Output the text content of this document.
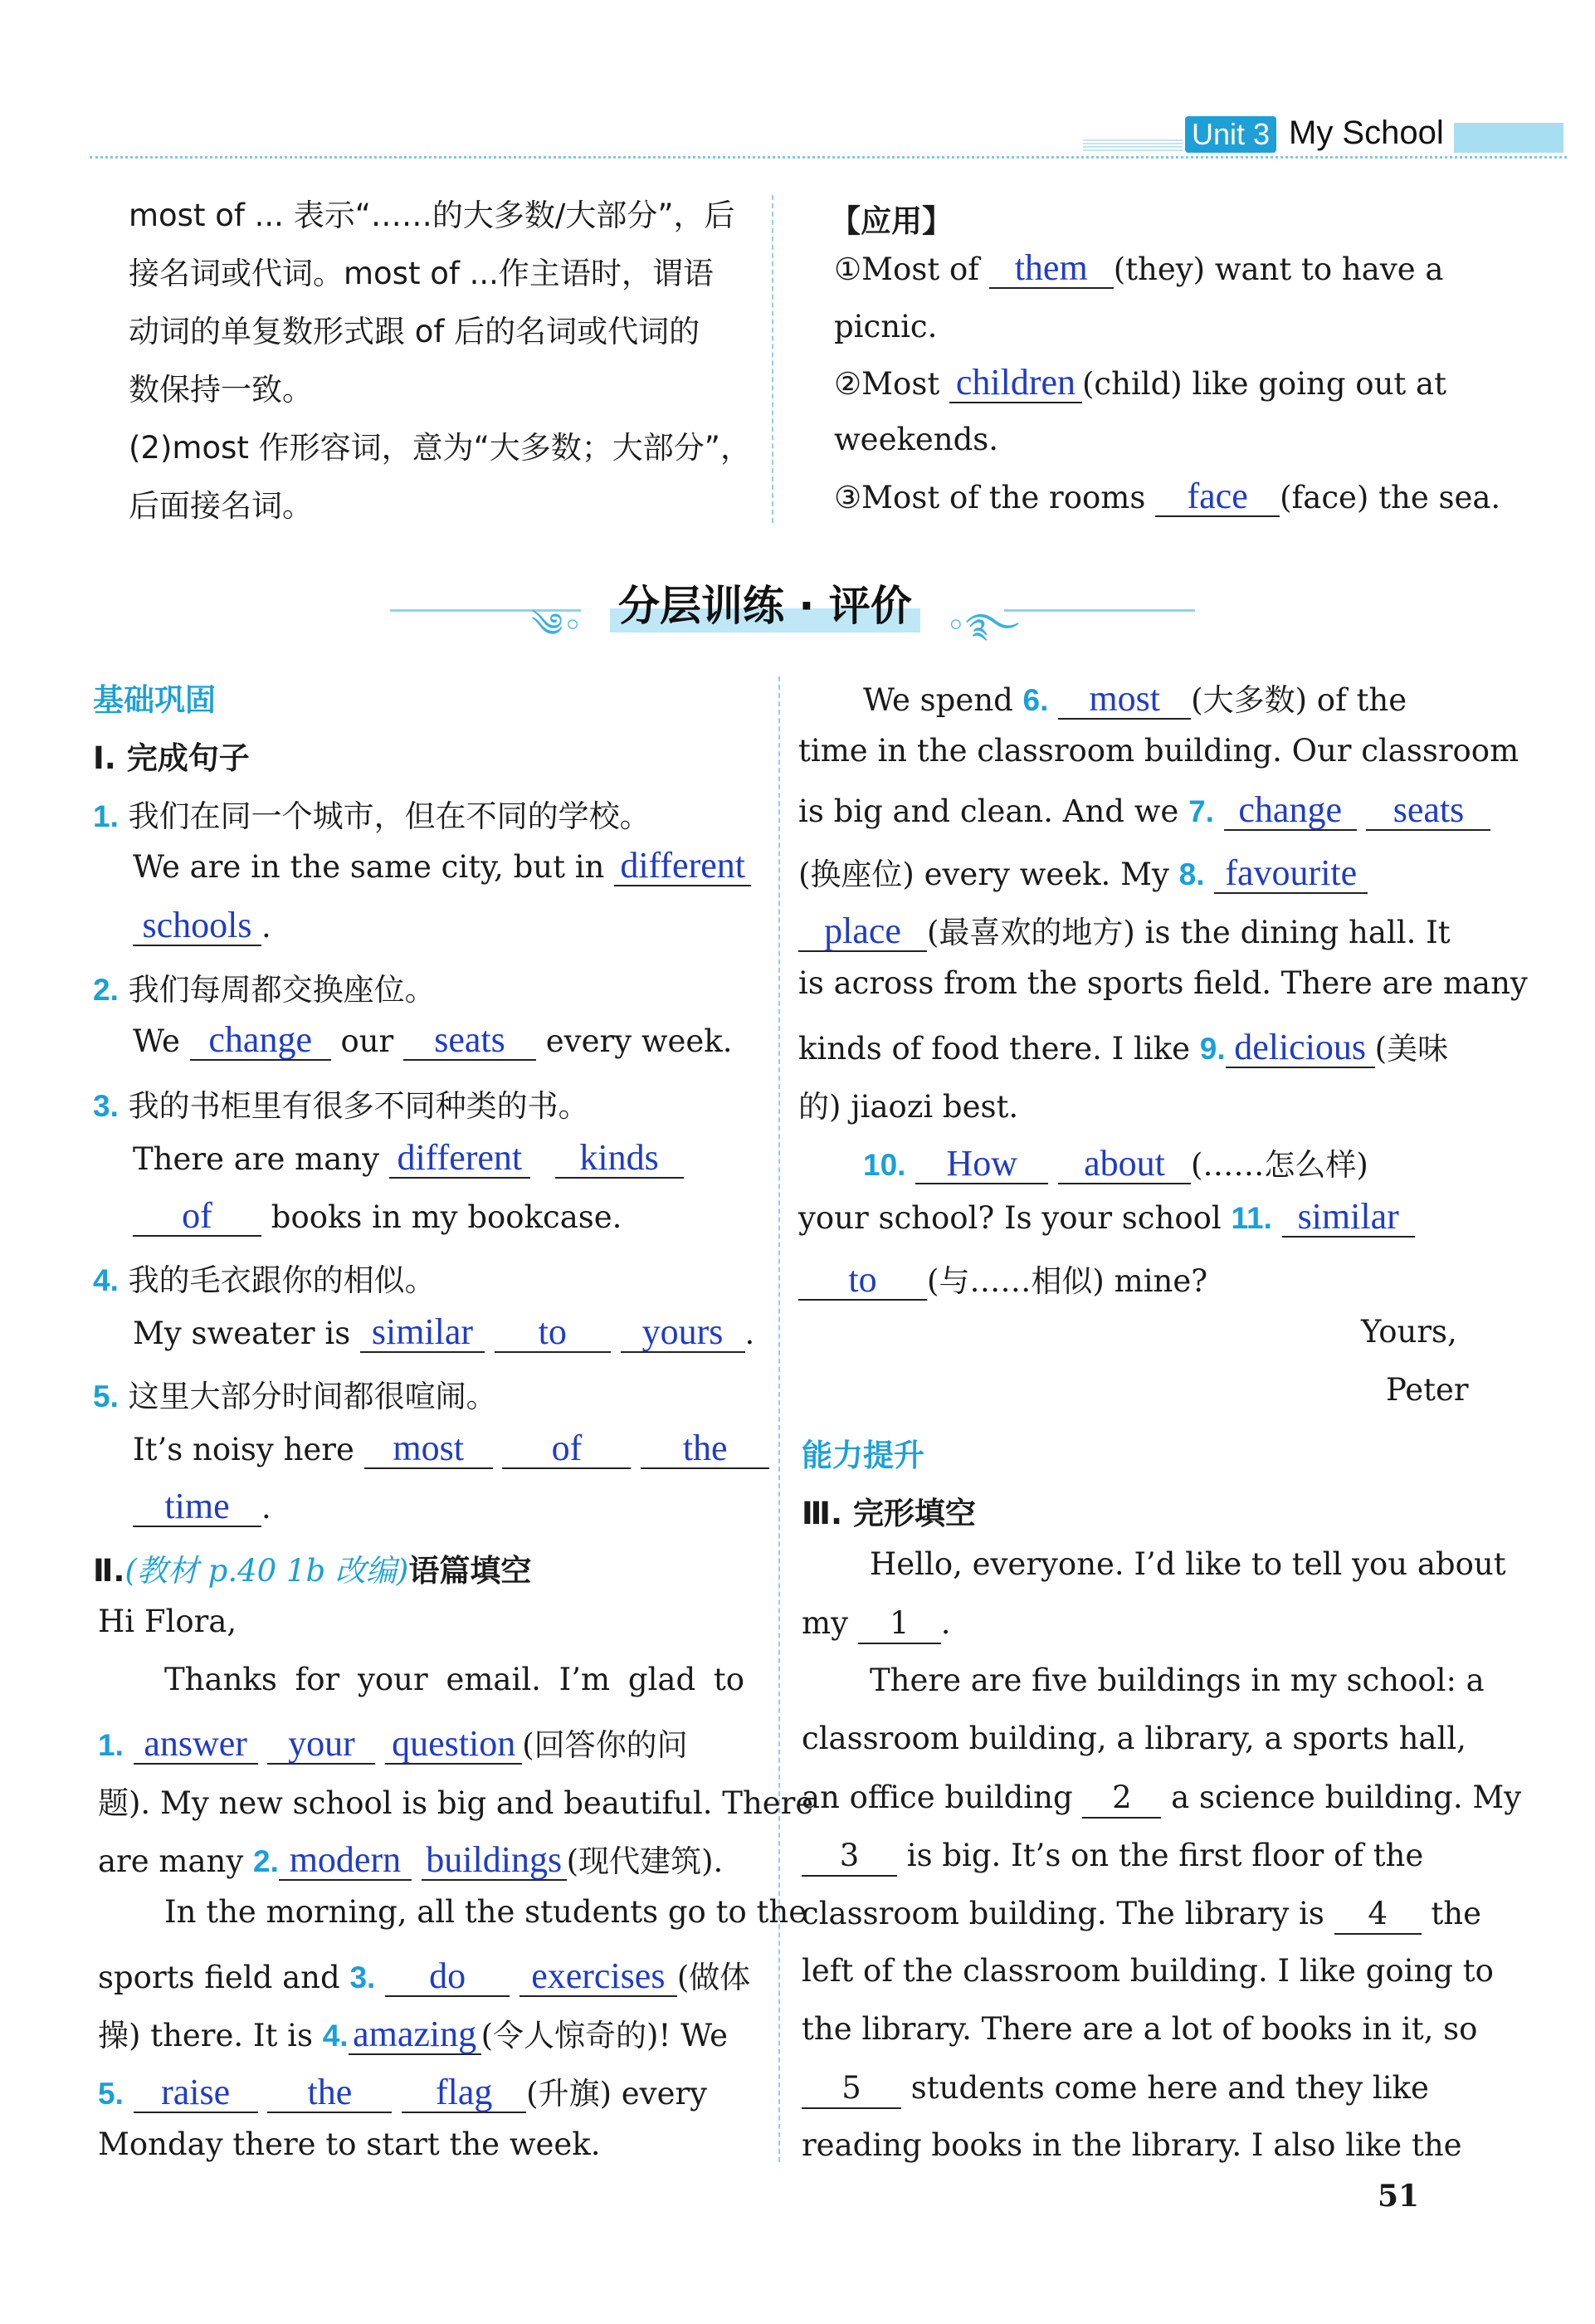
Unit 3 My School
most of ... 表示“……的大多数/大部分”，后
接名词或代词。most of ...作主语时，谓语
动词的单复数形式跟 of 后的名词或代词的
数保持一致。
(2)most 作形容词，意为“大多数；大部分”，
后面接名词。
【应用】
①Most of them (they) want to have a
picnic.
②Most children (child) like going out at
weekends.
③Most of the rooms face (face) the sea.
༄◦ 分层训练 · 评价 ◦࿐
基础巩固
Ⅰ. 完成句子
1. 我们在同一个城市，但在不同的学校。
We are in the same city, but in different
schools .
2. 我们每周都交换座位。
We change our seats every week.
3. 我的书柜里有很多不同种类的书。
There are many different kinds
of books in my bookcase.
4. 我的毛衣跟你的相似。
My sweater is similar to yours .
5. 这里大部分时间都很喧闹。
It’s noisy here most of	the
time .
Ⅱ.(教材 p.40 1b 改编)语篇填空
Hi Flora,
Thanks for your email. I’m glad to
1. answer your question (回答你的问
题). My new school is big and beautiful. There
are many 2. modern buildings (现代建筑).
In the morning, all the students go to the
sports field and 3. do exercises (做体
操) there. It is 4. amazing (令人惊奇的)! We
5. raise the flag (升旗) every
Monday there to start the week.
We spend 6. most (大多数) of the
time in the classroom building. Our classroom
is big and clean. And we 7. change seats
(换座位) every week. My 8. favourite
place (最喜欢的地方) is the dining hall. It
is across from the sports field. There are many
kinds of food there. I like 9. delicious (美味
的) jiaozi best.
10. How about (……怎么样)
your school? Is your school 11. similar
to (与……相似) mine?
Yours,
Peter
能力提升
Ⅲ. 完形填空
Hello, everyone. I’d like to tell you about
my 1 .
There are five buildings in my school: a
classroom building, a library, a sports hall,
an office building 2 a science building. My
3 is big. It’s on the first floor of the
classroom building. The library is 4 the
left of the classroom building. I like going to
the library. There are a lot of books in it, so
5 students come here and they like
reading books in the library. I also like the
51
